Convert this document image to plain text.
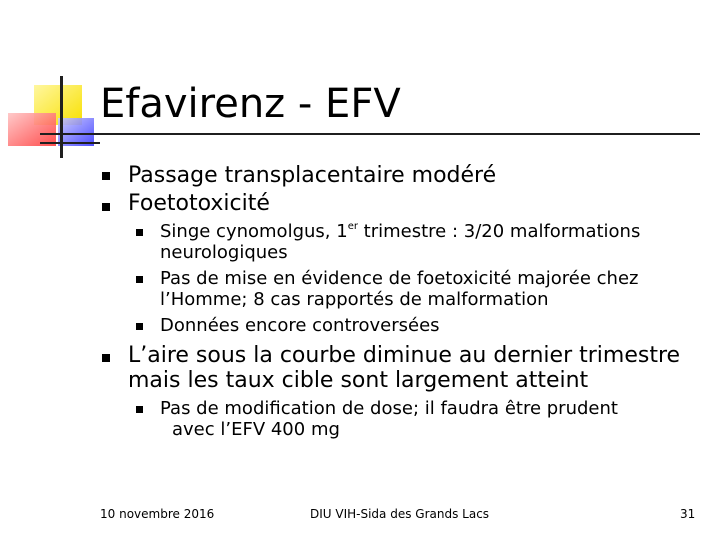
Efavirenz - EFV
Passage transplacentaire modéré
Foetotoxicité
Singe cynomolgus, 1er trimestre : 3/20 malformations
neurologiques
Pas de mise en évidence de foetoxicité majorée chez
l’Homme; 8 cas rapportés de malformation
Données encore controversées
L’aire sous la courbe diminue au dernier trimestre
mais les taux cible sont largement atteint
Pas de modification de dose; il faudra être prudent
avec l’EFV 400 mg
10 novembre 2016	DIU VIH-Sida des Grands Lacs	31
